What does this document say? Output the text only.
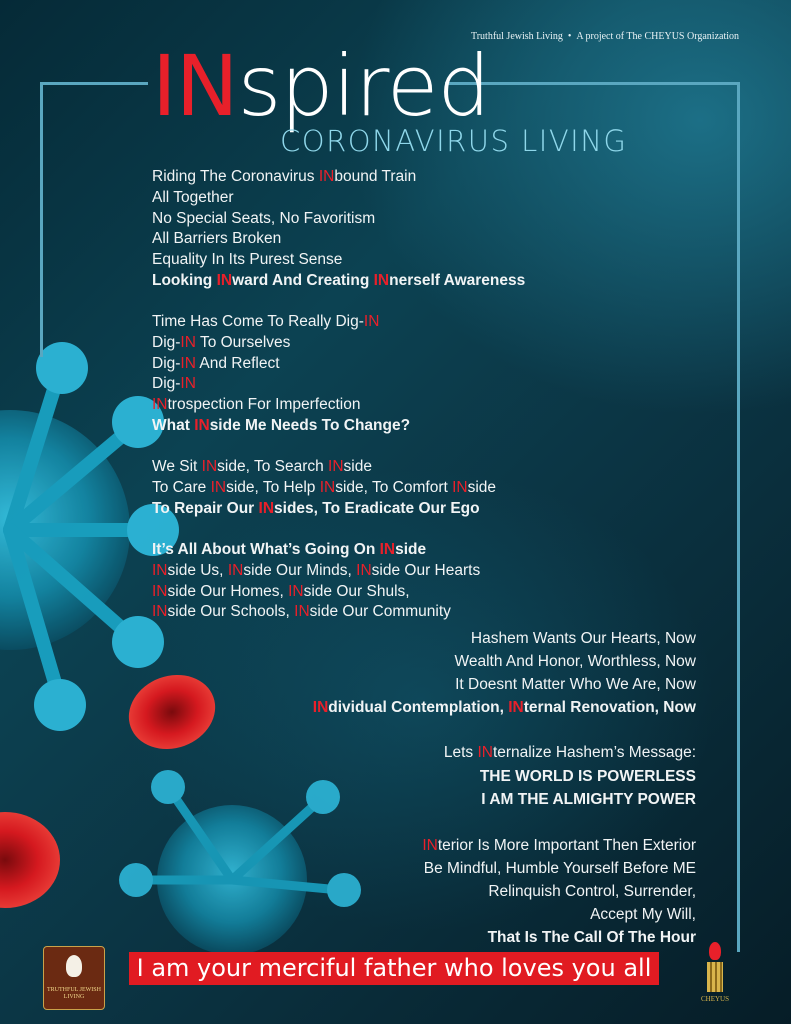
Truthful Jewish Living • A project of The CHEYUS Organization
INspired
CORONAVIRUS LIVING
Riding The Coronavirus INbound Train
All Together
No Special Seats, No Favoritism
All Barriers Broken
Equality In Its Purest Sense
Looking INward And Creating INnerself Awareness
Time Has Come To Really Dig-IN
Dig-IN To Ourselves
Dig-IN And Reflect
Dig-IN
INtrospection For Imperfection
What INside Me Needs To Change?
We Sit INside, To Search INside
To Care INside, To Help INside, To Comfort INside
To Repair Our INsides, To Eradicate Our Ego
It’s All About What’s Going On INside
INside Us, INside Our Minds, INside Our Hearts
INside Our Homes, INside Our Shuls,
INside Our Schools, INside Our Community
Hashem Wants Our Hearts, Now
Wealth And Honor, Worthless, Now
It Doesnt Matter Who We Are, Now
INdividual Contemplation, INternal Renovation, Now
Lets INternalize Hashem’s Message:
THE WORLD IS POWERLESS
I AM THE ALMIGHTY POWER
INterior Is More Important Then Exterior
Be Mindful, Humble Yourself Before ME
Relinquish Control, Surrender,
Accept My Will,
That Is The Call Of The Hour
TRUTHFUL JEWISH LIVING
I am your merciful father who loves you all
CHEYUS
